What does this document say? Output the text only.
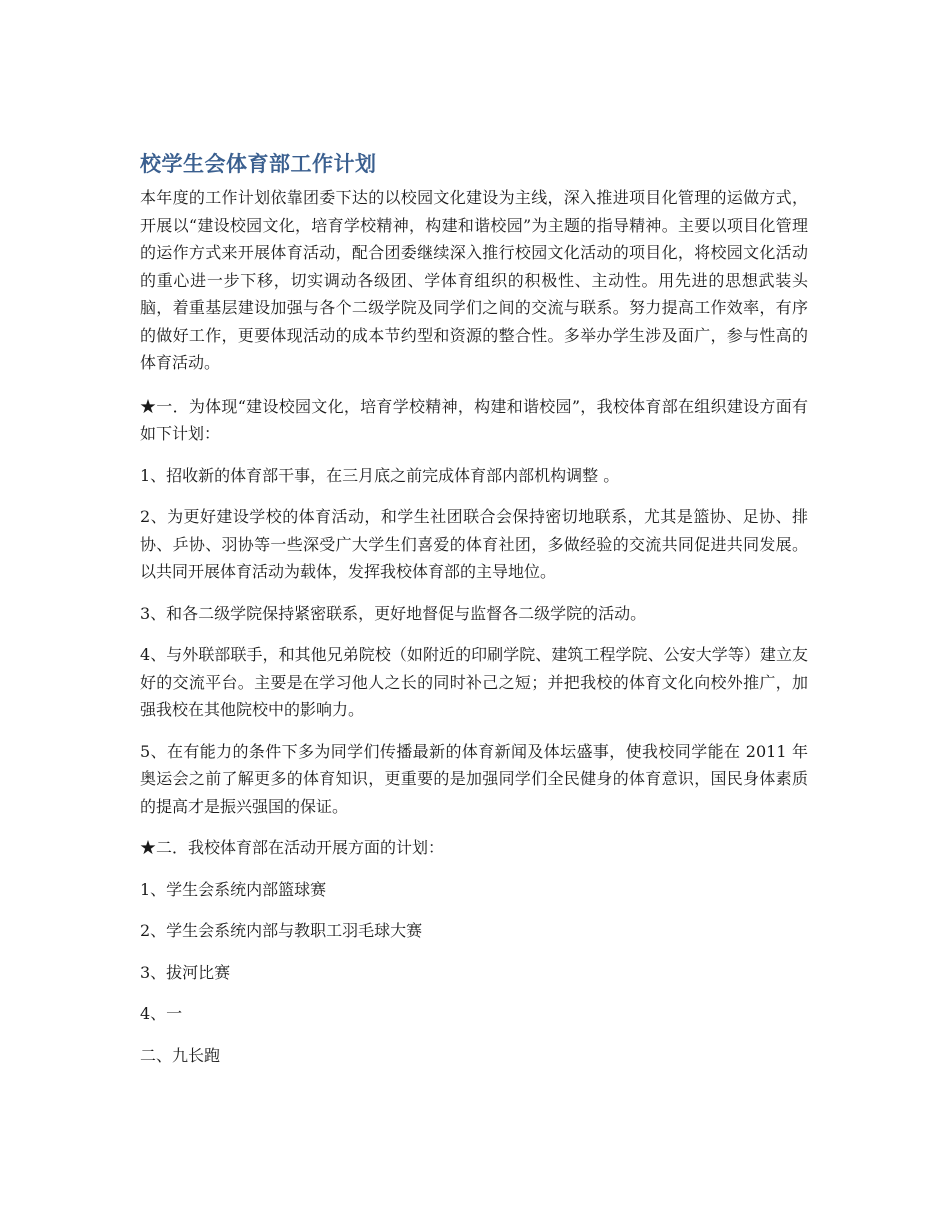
校学生会体育部工作计划

本年度的工作计划依靠团委下达的以校园文化建设为主线，深入推进项目化管理的运做方式，开展以“建设校园文化，培育学校精神，构建和谐校园”为主题的指导精神。主要以项目化管理的运作方式来开展体育活动，配合团委继续深入推行校园文化活动的项目化，将校园文化活动的重心进一步下移，切实调动各级团、学体育组织的积极性、主动性。用先进的思想武装头脑，着重基层建设加强与各个二级学院及同学们之间的交流与联系。努力提高工作效率，有序的做好工作，更要体现活动的成本节约型和资源的整合性。多举办学生涉及面广，参与性高的体育活动。

★一．为体现“建设校园文化，培育学校精神，构建和谐校园”，我校体育部在组织建设方面有如下计划：

1、招收新的体育部干事，在三月底之前完成体育部内部机构调整 。

2、为更好建设学校的体育活动，和学生社团联合会保持密切地联系，尤其是篮协、足协、排协、乒协、羽协等一些深受广大学生们喜爱的体育社团，多做经验的交流共同促进共同发展。以共同开展体育活动为载体，发挥我校体育部的主导地位。

3、和各二级学院保持紧密联系，更好地督促与监督各二级学院的活动。

4、与外联部联手，和其他兄弟院校（如附近的印刷学院、建筑工程学院、公安大学等）建立友好的交流平台。主要是在学习他人之长的同时补己之短；并把我校的体育文化向校外推广，加强我校在其他院校中的影响力。

5、在有能力的条件下多为同学们传播最新的体育新闻及体坛盛事，使我校同学能在 2011 年奥运会之前了解更多的体育知识，更重要的是加强同学们全民健身的体育意识，国民身体素质的提高才是振兴强国的保证。

★二．我校体育部在活动开展方面的计划：

1、学生会系统内部篮球赛

2、学生会系统内部与教职工羽毛球大赛

3、拔河比赛

4、一

二、九长跑
